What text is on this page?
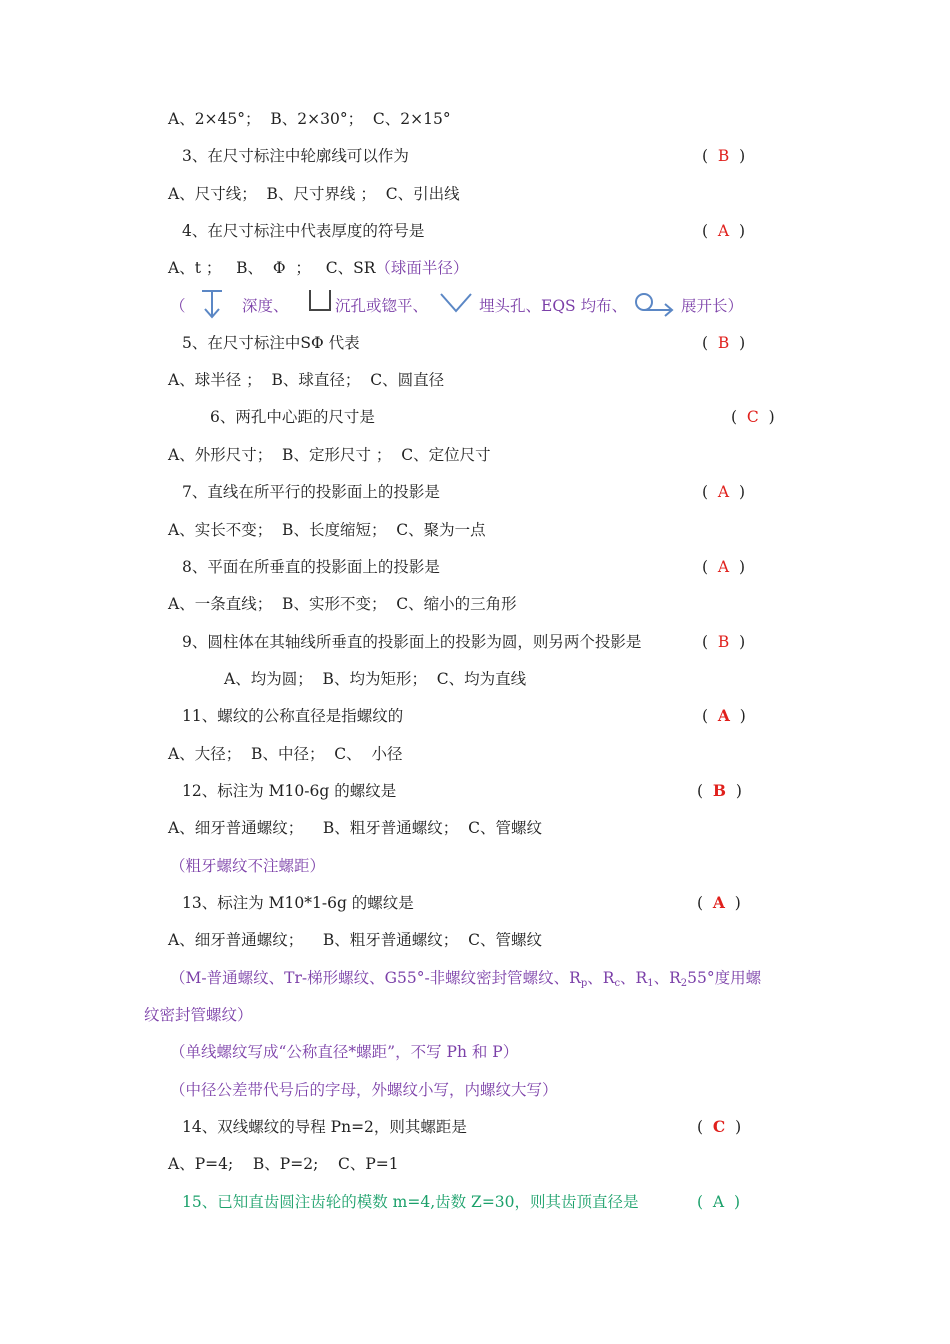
A、2×45°；  B、2×30°；  C、2×15°
3、在尺寸标注中轮廓线可以作为	(  B  )
A、尺寸线；  B、尺寸界线 ；  C、引出线
4、在尺寸标注中代表厚度的符号是	(  A  )
A、t ；   B、  Φ  ；   C、SR（球面半径）
（	深度、	沉孔或锪平、	埋头孔、EQS 均布、	展开长）
5、在尺寸标注中SΦ 代表	(  B  )
A、球半径 ；  B、球直径；  C、圆直径
6、两孔中心距的尺寸是	(  C  )
A、外形尺寸；  B、定形尺寸 ；  C、定位尺寸
7、直线在所平行的投影面上的投影是	(  A  )
A、实长不变；  B、长度缩短；  C、聚为一点
8、平面在所垂直的投影面上的投影是	(  A  )
A、一条直线；  B、实形不变；  C、缩小的三角形
9、圆柱体在其轴线所垂直的投影面上的投影为圆，则另两个投影是	(  B  )
A、均为圆；  B、均为矩形；  C、均为直线
11、螺纹的公称直径是指螺纹的	(  A  )
A、大径；  B、中径；  C、  小径
12、标注为 M10-6g 的螺纹是	(  B  )
A、细牙普通螺纹；    B、粗牙普通螺纹；  C、管螺纹
（粗牙螺纹不注螺距）
13、标注为 M10*1-6g 的螺纹是	(  A  )
A、细牙普通螺纹；    B、粗牙普通螺纹；  C、管螺纹
（M-普通螺纹、Tr-梯形螺纹、G55°-非螺纹密封管螺纹、$R_p$、$R_c$、$R_1$、$R_255^\circ$度用螺
纹密封管螺纹）
（单线螺纹写成“公称直径*螺距”，不写 Ph 和 P）
（中径公差带代号后的字母，外螺纹小写，内螺纹大写）
14、双线螺纹的导程 Pn=2，则其螺距是	(  C  )
A、P=4;    B、P=2;    C、P=1
15、已知直齿圆注齿轮的模数 m=4,齿数 Z=30，则其齿顶直径是	(  A  )
